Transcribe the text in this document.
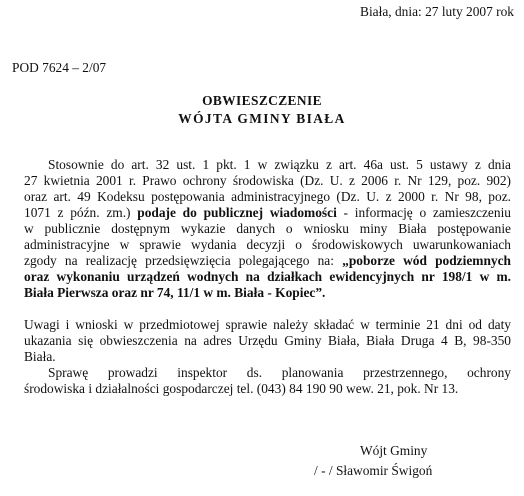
Biała, dnia: 27 luty 2007 rok
POD 7624 – 2/07
OBWIESZCZENIE
WÓJTA GMINY BIAŁA
Stosownie do art. 32 ust. 1 pkt. 1 w związku z art. 46a ust. 5 ustawy z dnia
27 kwietnia 2001 r. Prawo ochrony środowiska (Dz. U. z 2006 r. Nr 129, poz. 902)
oraz art. 49 Kodeksu postępowania administracyjnego (Dz. U. z 2000 r. Nr 98, poz.
1071 z późn. zm.) podaje do publicznej wiadomości - informację o zamieszczeniu
w publicznie dostępnym wykazie danych o wniosku miny Biała postępowanie
administracyjne w sprawie wydania decyzji o środowiskowych uwarunkowaniach
zgody na realizację przedsięwzięcia polegającego na: „poborze wód podziemnych
oraz wykonaniu urządzeń wodnych na działkach ewidencyjnych nr 198/1 w m.
Biała Pierwsza oraz nr 74, 11/1 w m. Biała - Kopiec”.
Uwagi i wnioski w przedmiotowej sprawie należy składać w terminie 21 dni od daty
ukazania się obwieszczenia na adres Urzędu Gminy Biała, Biała Druga 4 B, 98-350
Biała.
Sprawę prowadzi inspektor ds. planowania przestrzennego, ochrony
środowiska i działalności gospodarczej tel. (043) 84 190 90 wew. 21, pok. Nr 13.
Wójt Gminy
/ - / Sławomir Świgoń
